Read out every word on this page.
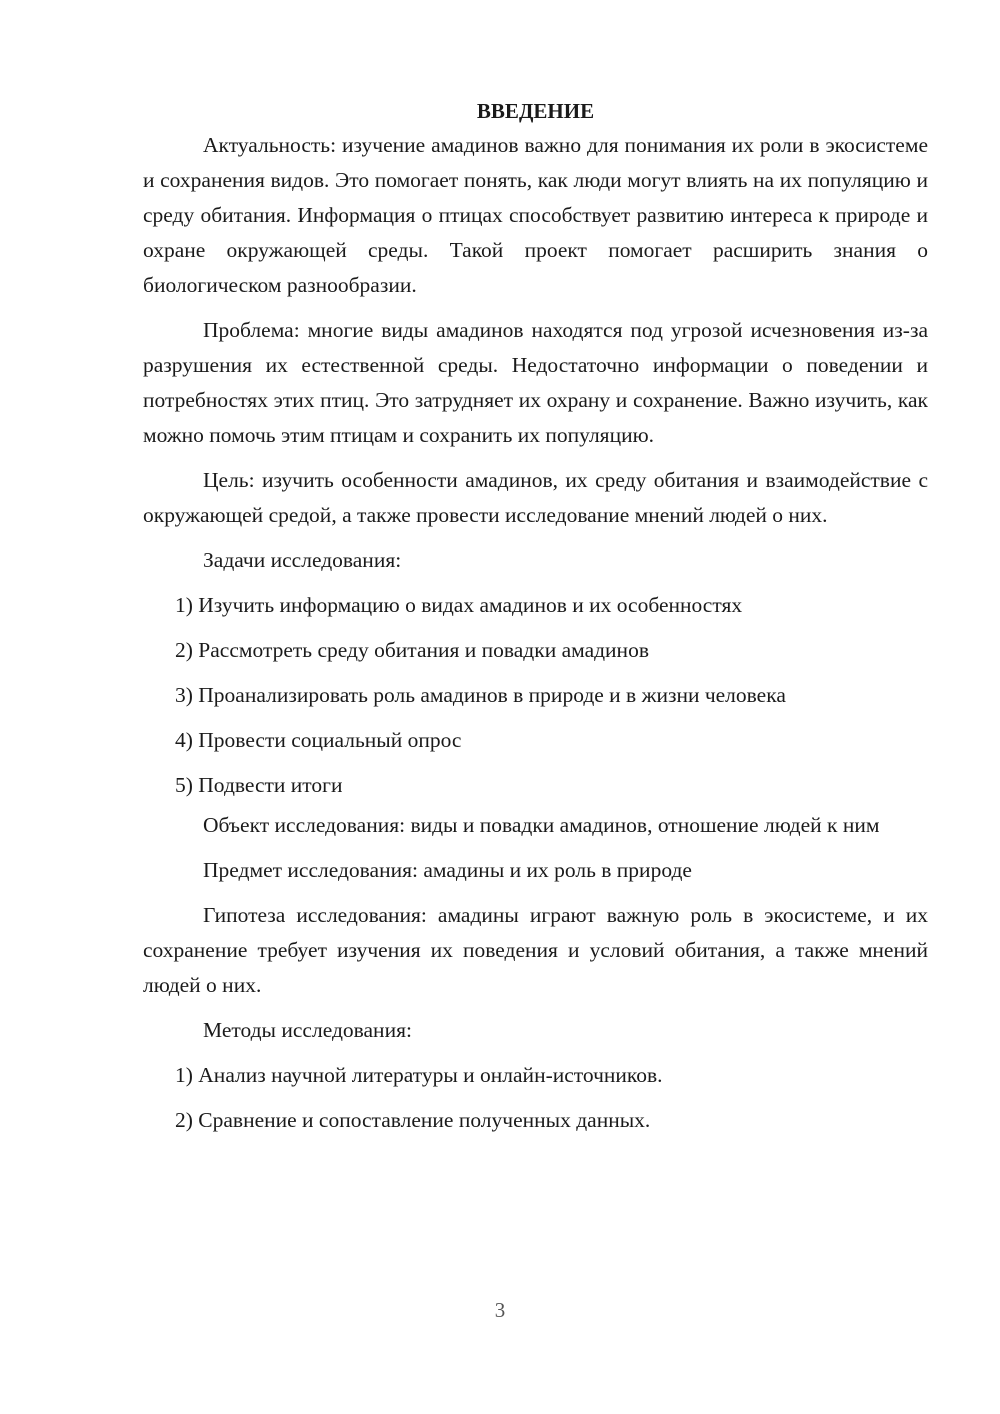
ВВЕДЕНИЕ

Актуальность: изучение амадинов важно для понимания их роли в экосистеме и сохранения видов. Это помогает понять, как люди могут влиять на их популяцию и среду обитания. Информация о птицах способствует развитию интереса к природе и охране окружающей среды. Такой проект помогает расширить знания о биологическом разнообразии.

Проблема: многие виды амадинов находятся под угрозой исчезновения из-за разрушения их естественной среды. Недостаточно информации о поведении и потребностях этих птиц. Это затрудняет их охрану и сохранение. Важно изучить, как можно помочь этим птицам и сохранить их популяцию.

Цель: изучить особенности амадинов, их среду обитания и взаимодействие с окружающей средой, а также провести исследование мнений людей о них.

Задачи исследования:

1) Изучить информацию о видах амадинов и их особенностях

2) Рассмотреть среду обитания и повадки амадинов

3) Проанализировать роль амадинов в природе и в жизни человека

4) Провести социальный опрос

5) Подвести итоги

Объект исследования: виды и повадки амадинов, отношение людей к ним

Предмет исследования: амадины и их роль в природе

Гипотеза исследования: амадины играют важную роль в экосистеме, и их сохранение требует изучения их поведения и условий обитания, а также мнений людей о них.

Методы исследования:

1) Анализ научной литературы и онлайн-источников.

2) Сравнение и сопоставление полученных данных.

3
